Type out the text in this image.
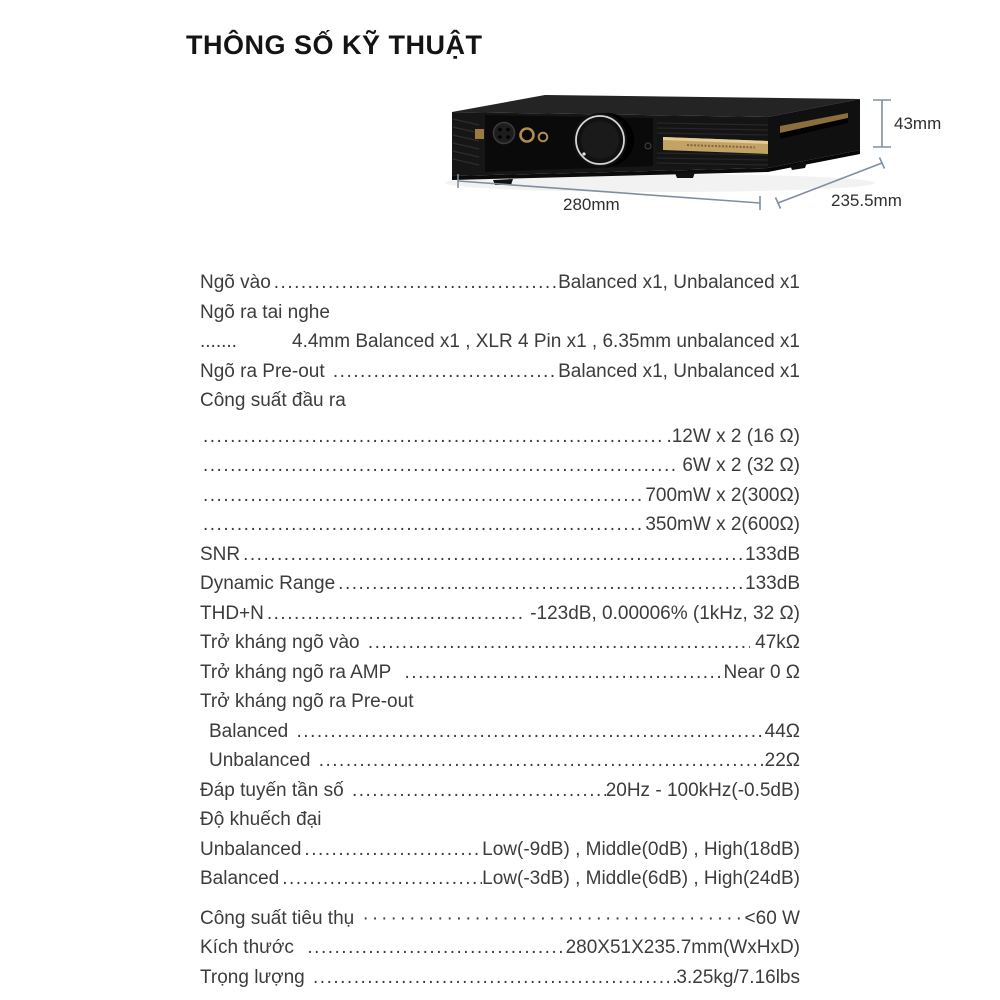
THÔNG SỐ KỸ THUẬT
43mm
280mm	235.5mm
Ngõ vào .....	Balanced x1, Unbalanced x1
Ngõ ra tai nghe
.......	4.4mm Balanced x1 , XLR 4 Pin x1 , 6.35mm unbalanced x1
Ngõ ra Pre-out .....	Balanced x1, Unbalanced x1
Công suất đầu ra
.....
.12W x 2 (16 Ω)
.....
6W x 2 (32 Ω)
.....
700mW x 2(300Ω)
.....
350mW x 2(600Ω)
SNR .....	133dB
Dynamic Range .....	133dB
THD+N .....	-123dB, 0.00006% (1kHz, 32 Ω)
Trở kháng ngõ vào .....	47kΩ
Trở kháng ngõ ra AMP .....	Near 0 Ω
Trở kháng ngõ ra Pre-out
Balanced .....	44Ω
Unbalanced .....	22Ω
Đáp tuyến tần số .....	20Hz - 100kHz(-0.5dB)
Độ khuếch đại
Unbalanced .....	Low(-9dB) , Middle(0dB) , High(18dB)
Balanced .....	Low(-3dB) , Middle(6dB) , High(24dB)
Công suất tiêu thụ ·····	<60 W
Kích thước .....	280X51X235.7mm(WxHxD)
Trọng lượng .....	3.25kg/7.16lbs
